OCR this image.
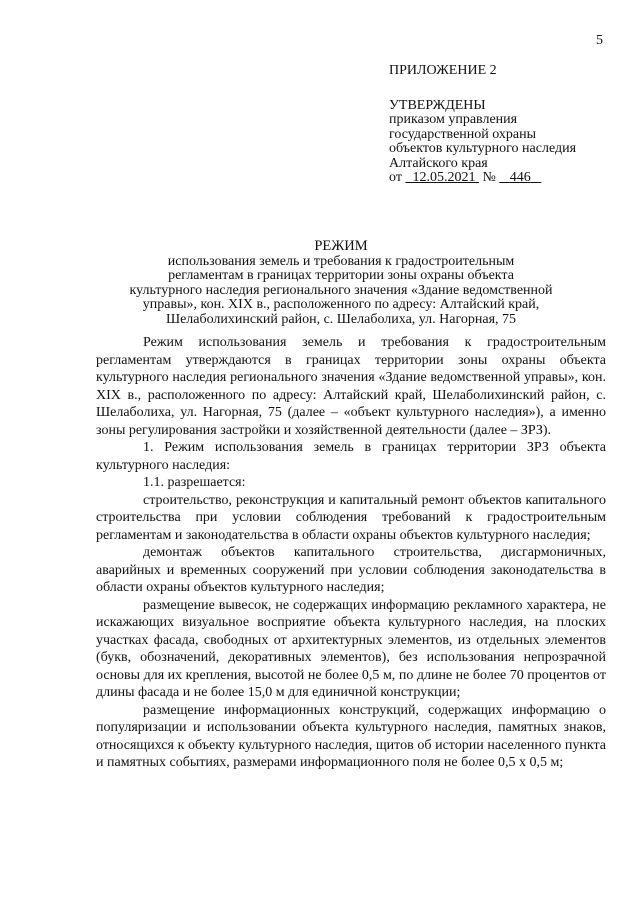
5
ПРИЛОЖЕНИЕ 2
УТВЕРЖДЕНЫ
приказом управления
государственной охраны
объектов культурного наследия
Алтайского края
от 12.05.2021 № 446
РЕЖИМ
использования земель и требования к градостроительным
регламентам в границах территории зоны охраны объекта
культурного наследия регионального значения «Здание ведомственной
управы», кон. XIX в., расположенного по адресу: Алтайский край,
Шелаболихинский район, с. Шелаболиха, ул. Нагорная, 75

Режим использования земель и требования к градостроительным регламентам утверждаются в границах территории зоны охраны объекта культурного наследия регионального значения «Здание ведомственной управы», кон. XIX в., расположенного по адресу: Алтайский край, Шелаболихинский район, с. Шелаболиха, ул. Нагорная, 75 (далее – «объект культурного наследия»), а именно зоны регулирования застройки и хозяйственной деятельности (далее – ЗРЗ).

1. Режим использования земель в границах территории ЗРЗ объекта культурного наследия:

1.1. разрешается:

строительство, реконструкция и капитальный ремонт объектов капитального строительства при условии соблюдения требований к градостроительным регламентам и законодательства в области охраны объектов культурного наследия;

демонтаж объектов капитального строительства, дисгармоничных, аварийных и временных сооружений при условии соблюдения законодательства в области охраны объектов культурного наследия;

размещение вывесок, не содержащих информацию рекламного характера, не искажающих визуальное восприятие объекта культурного наследия, на плоских участках фасада, свободных от архитектурных элементов, из отдельных элементов (букв, обозначений, декоративных элементов), без использования непрозрачной основы для их крепления, высотой не более 0,5 м, по длине не более 70 процентов от длины фасада и не более 15,0 м для единичной конструкции;

размещение информационных конструкций, содержащих информацию о популяризации и использовании объекта культурного наследия, памятных знаков, относящихся к объекту культурного наследия, щитов об истории населенного пункта и памятных событиях, размерами информационного поля не более 0,5 х 0,5 м;
